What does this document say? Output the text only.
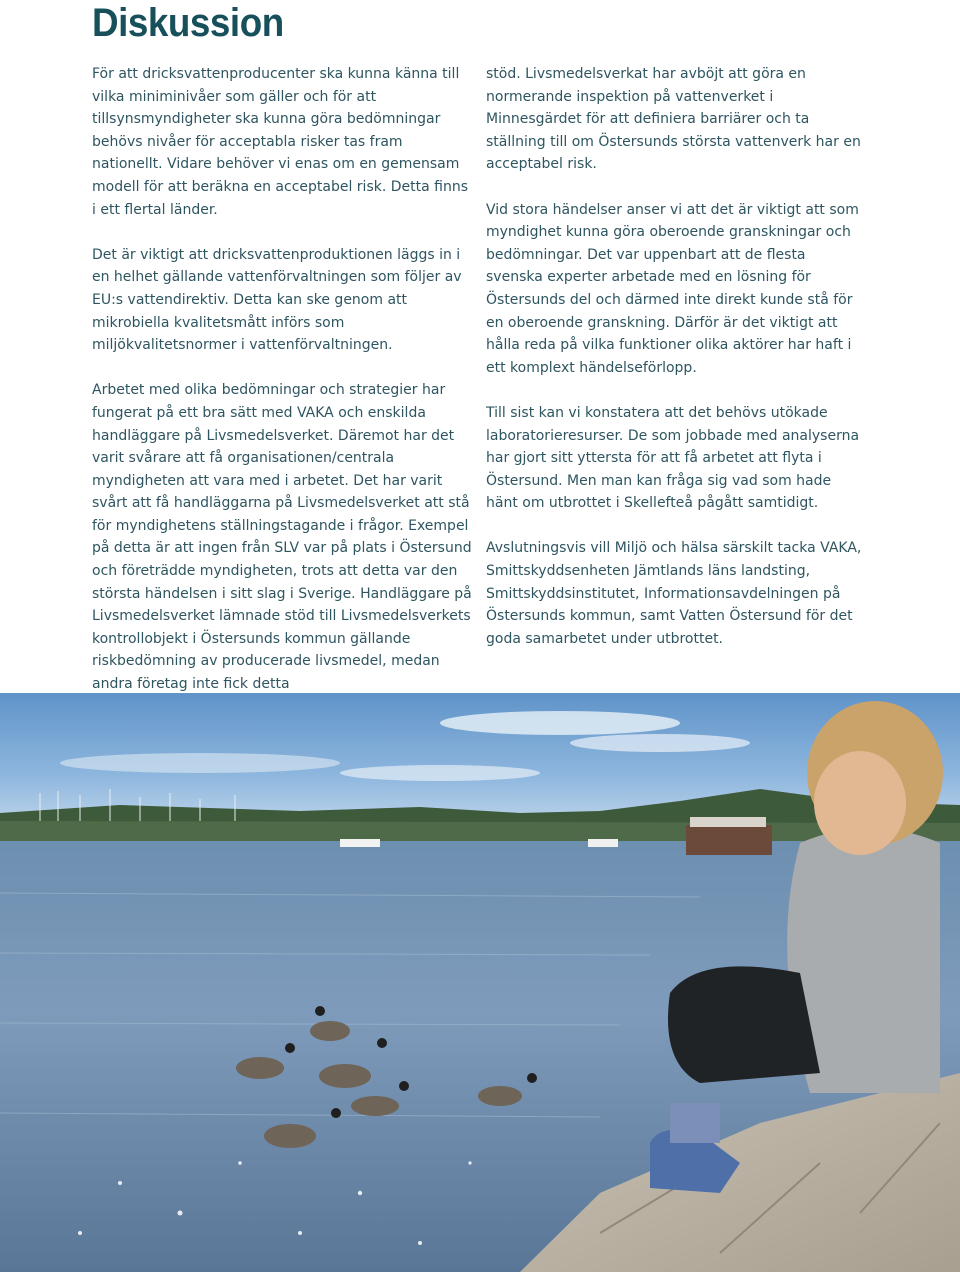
Diskussion

För att dricksvattenproducenter ska kunna känna till vilka miniminivåer som gäller och för att tillsynsmyndigheter ska kunna göra bedömningar behövs nivåer för acceptabla risker tas fram nationellt. Vidare behöver vi enas om en gemensam modell för att beräkna en acceptabel risk. Detta finns i ett flertal länder.

Det är viktigt att dricksvattenproduktionen läggs in i en helhet gällande vattenförvaltningen som följer av EU:s vattendirektiv. Detta kan ske genom att mikrobiella kvalitetsmått införs som miljökvalitetsnormer i vattenförvaltningen.

Arbetet med olika bedömningar och strategier har fungerat på ett bra sätt med VAKA och enskilda handläggare på Livsmedelsverket. Däremot har det varit svårare att få organisationen/centrala myndigheten att vara med i arbetet. Det har varit svårt att få handläggarna på Livsmedelsverket att stå för myndighetens ställningstagande i frågor. Exempel på detta är att ingen från SLV var på plats i Östersund och företrädde myndigheten, trots att detta var den största händelsen i sitt slag i Sverige. Handläggare på Livsmedelsverket lämnade stöd till Livsmedelsverkets kontrollobjekt i Östersunds kommun gällande riskbedömning av producerade livsmedel, medan andra företag inte fick detta

stöd. Livsmedelsverkat har avböjt att göra en normerande inspektion på vattenverket i Minnesgärdet för att definiera barriärer och ta ställning till om Östersunds största vattenverk har en acceptabel risk.

Vid stora händelser anser vi att det är viktigt att som myndighet kunna göra oberoende granskningar och bedömningar. Det var uppenbart att de flesta svenska experter arbetade med en lösning för Östersunds del och därmed inte direkt kunde stå för en oberoende granskning. Därför är det viktigt att hålla reda på vilka funktioner olika aktörer har haft i ett komplext händelseförlopp.

Till sist kan vi konstatera att det behövs utökade laboratorieresurser. De som jobbade med analyserna har gjort sitt yttersta för att få arbetet att flyta i Östersund. Men man kan fråga sig vad som hade hänt om utbrottet i Skellefteå pågått samtidigt.

Avslutningsvis vill Miljö och hälsa särskilt tacka VAKA, Smittskyddsenheten Jämtlands läns landsting, Smittskyddsinstitutet, Informationsavdelningen på Östersunds kommun, samt Vatten Östersund för det goda samarbetet under utbrottet.
